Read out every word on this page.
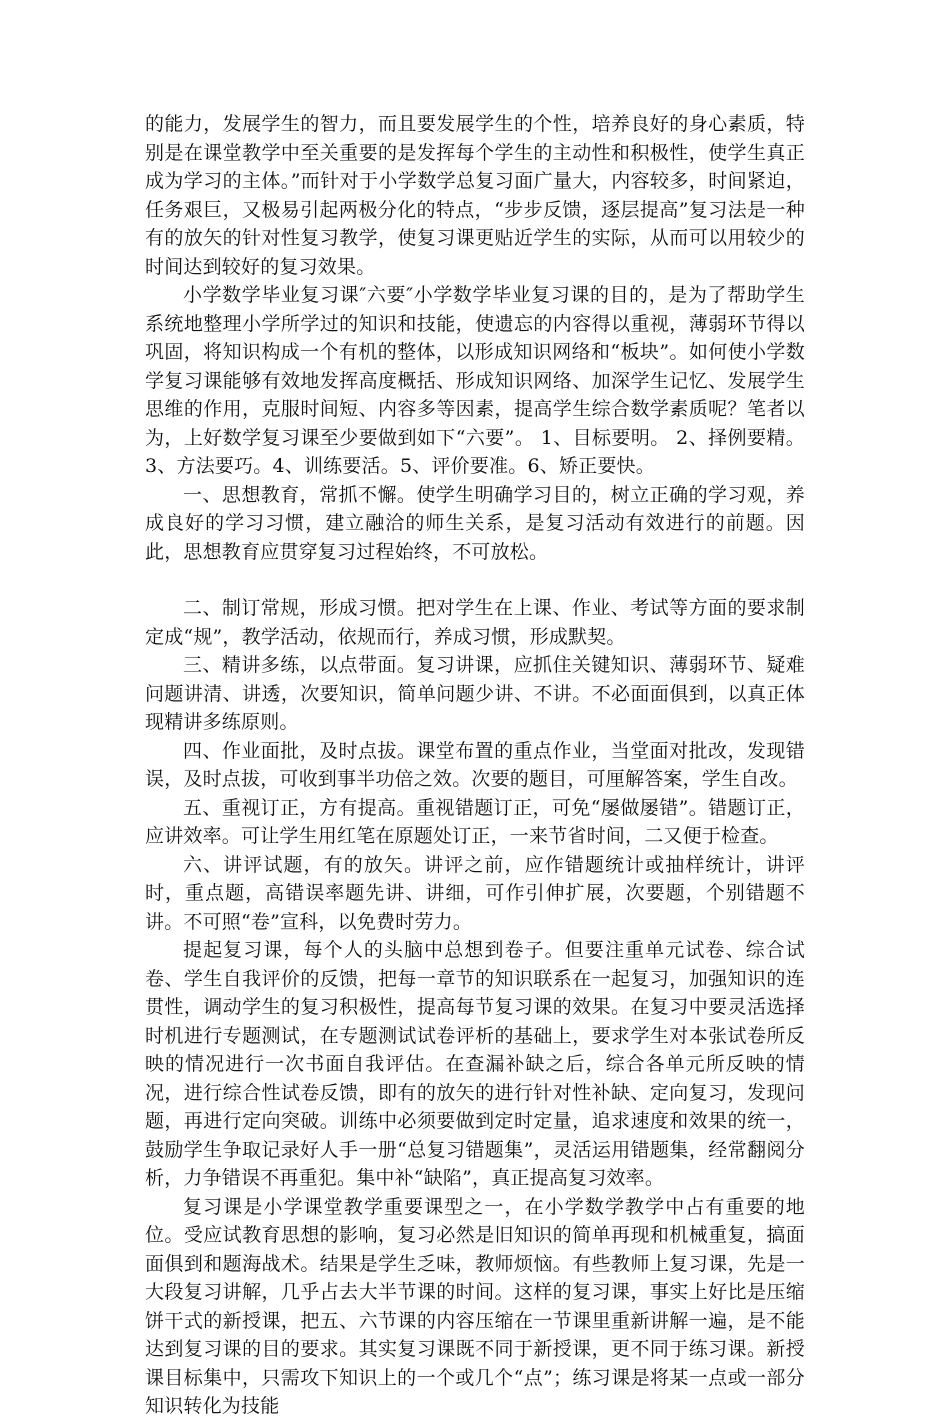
的能力，发展学生的智力，而且要发展学生的个性，培养良好的身心素质，特别是在课堂教学中至关重要的是发挥每个学生的主动性和积极性，使学生真正成为学习的主体。”而针对于小学数学总复习面广量大，内容较多，时间紧迫，任务艰巨，又极易引起两极分化的特点，“步步反馈，逐层提高”复习法是一种有的放矢的针对性复习教学，使复习课更贴近学生的实际，从而可以用较少的时间达到较好的复习效果。

小学数学毕业复习课″六要″小学数学毕业复习课的目的，是为了帮助学生系统地整理小学所学过的知识和技能，使遗忘的内容得以重视，薄弱环节得以巩固，将知识构成一个有机的整体，以形成知识网络和“板块”。如何使小学数学复习课能够有效地发挥高度概括、形成知识网络、加深学生记忆、发展学生思维的作用，克服时间短、内容多等因素，提高学生综合数学素质呢？笔者以为，上好数学复习课至少要做到如下“六要”。 1、目标要明。 2、择例要精。3、方法要巧。4、训练要活。5、评价要准。6、矫正要快。

一、思想教育，常抓不懈。使学生明确学习目的，树立正确的学习观，养成良好的学习习惯，建立融洽的师生关系，是复习活动有效进行的前题。因此，思想教育应贯穿复习过程始终，不可放松。

二、制订常规，形成习惯。把对学生在上课、作业、考试等方面的要求制定成“规”，教学活动，依规而行，养成习惯，形成默契。

三、精讲多练，以点带面。复习讲课，应抓住关键知识、薄弱环节、疑难问题讲清、讲透，次要知识，简单问题少讲、不讲。不必面面俱到，以真正体现精讲多练原则。

四、作业面批，及时点拔。课堂布置的重点作业，当堂面对批改，发现错误，及时点拔，可收到事半功倍之效。次要的题目，可厘解答案，学生自改。

五、重视订正，方有提高。重视错题订正，可免“屡做屡错”。错题订正，应讲效率。可让学生用红笔在原题处订正，一来节省时间，二又便于检查。

六、讲评试题，有的放矢。讲评之前，应作错题统计或抽样统计，讲评时，重点题，高错误率题先讲、讲细，可作引伸扩展，次要题，个别错题不讲。不可照“卷”宣科，以免费时劳力。

提起复习课，每个人的头脑中总想到卷子。但要注重单元试卷、综合试卷、学生自我评价的反馈，把每一章节的知识联系在一起复习，加强知识的连贯性，调动学生的复习积极性，提高每节复习课的效果。在复习中要灵活选择时机进行专题测试，在专题测试试卷评析的基础上，要求学生对本张试卷所反映的情况进行一次书面自我评估。在查漏补缺之后，综合各单元所反映的情况，进行综合性试卷反馈，即有的放矢的进行针对性补缺、定向复习，发现问题，再进行定向突破。训练中必须要做到定时定量，追求速度和效果的统一，鼓励学生争取记录好人手一册“总复习错题集”，灵活运用错题集，经常翻阅分析，力争错误不再重犯。集中补“缺陷”，真正提高复习效率。

复习课是小学课堂教学重要课型之一，在小学数学教学中占有重要的地位。受应试教育思想的影响，复习必然是旧知识的简单再现和机械重复，搞面面俱到和题海战术。结果是学生乏味，教师烦恼。有些教师上复习课，先是一大段复习讲解，几乎占去大半节课的时间。这样的复习课，事实上好比是压缩饼干式的新授课，把五、六节课的内容压缩在一节课里重新讲解一遍，是不能达到复习课的目的要求。其实复习课既不同于新授课，更不同于练习课。新授课目标集中，只需攻下知识上的一个或几个“点”；练习课是将某一点或一部分知识转化为技能
